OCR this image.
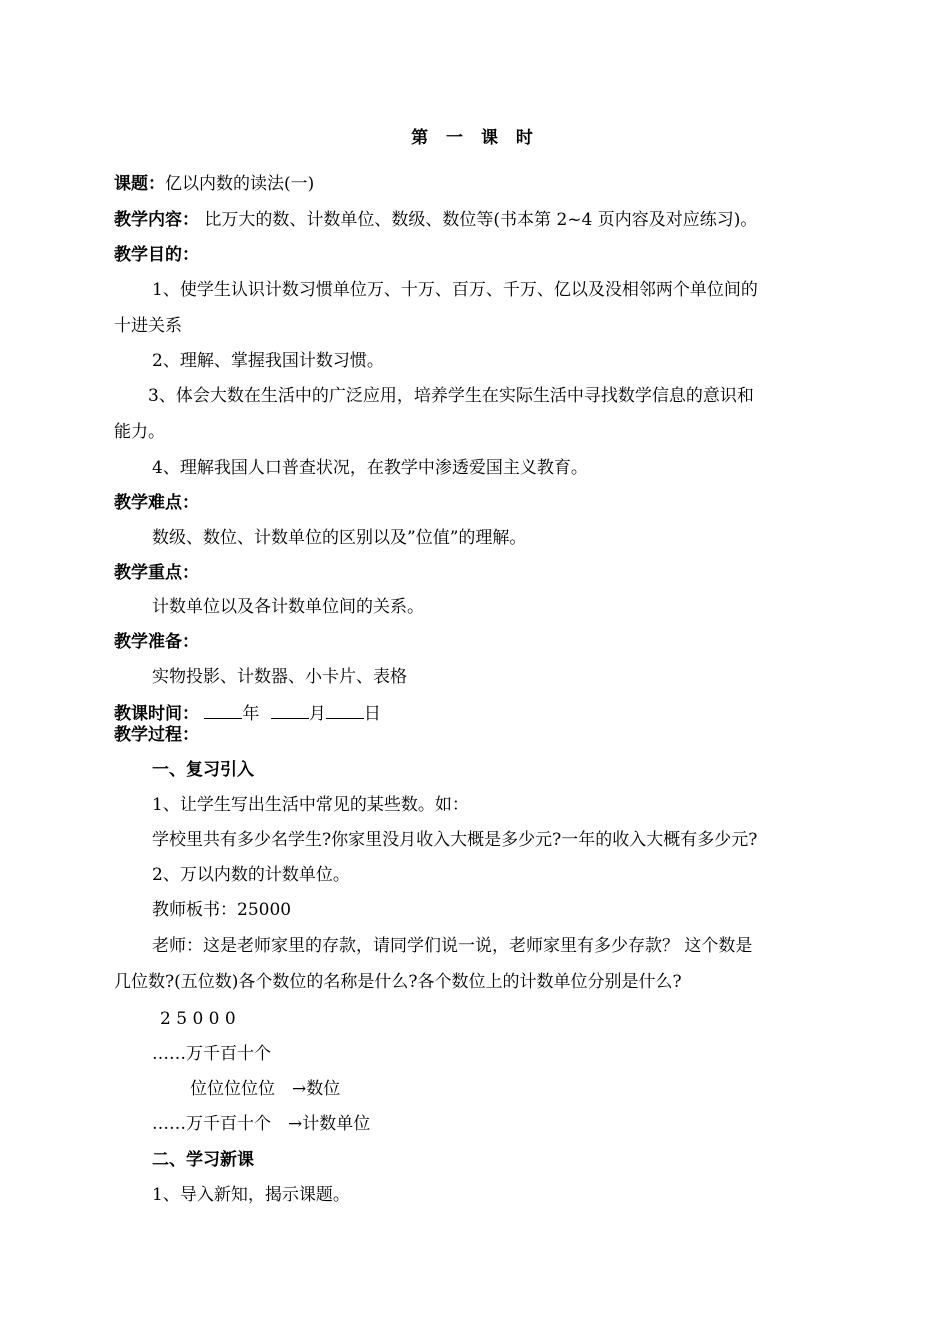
第 一 课 时
课题：亿以内数的读法(一)
教学内容： 比万大的数、计数单位、数级、数位等(书本第 2~4 页内容及对应练习)。
教学目的：
1、使学生认识计数习惯单位万、十万、百万、千万、亿以及没相邻两个单位间的
十进关系
2、理解、掌握我国计数习惯。
3、体会大数在生活中的广泛应用，培养学生在实际生活中寻找数学信息的意识和
能力。
4、理解我国人口普查状况，在教学中渗透爱国主义教育。
教学难点：
数级、数位、计数单位的区别以及”位值”的理解。
教学重点：
计数单位以及各计数单位间的关系。
教学准备：
实物投影、计数器、小卡片、表格
教课时间：	年	月 日
教学过程：
一、复习引入
1、让学生写出生活中常见的某些数。如：
学校里共有多少名学生?你家里没月收入大概是多少元?一年的收入大概有多少元?
2、万以内数的计数单位。
教师板书：25000
老师：这是老师家里的存款，请同学们说一说，老师家里有多少存款？ 这个数是
几位数?(五位数)各个数位的名称是什么?各个数位上的计数单位分别是什么?
2 5 0 0 0
……万千百十个
位位位位位　→数位
……万千百十个　→计数单位
二、学习新课
1、导入新知，揭示课题。
